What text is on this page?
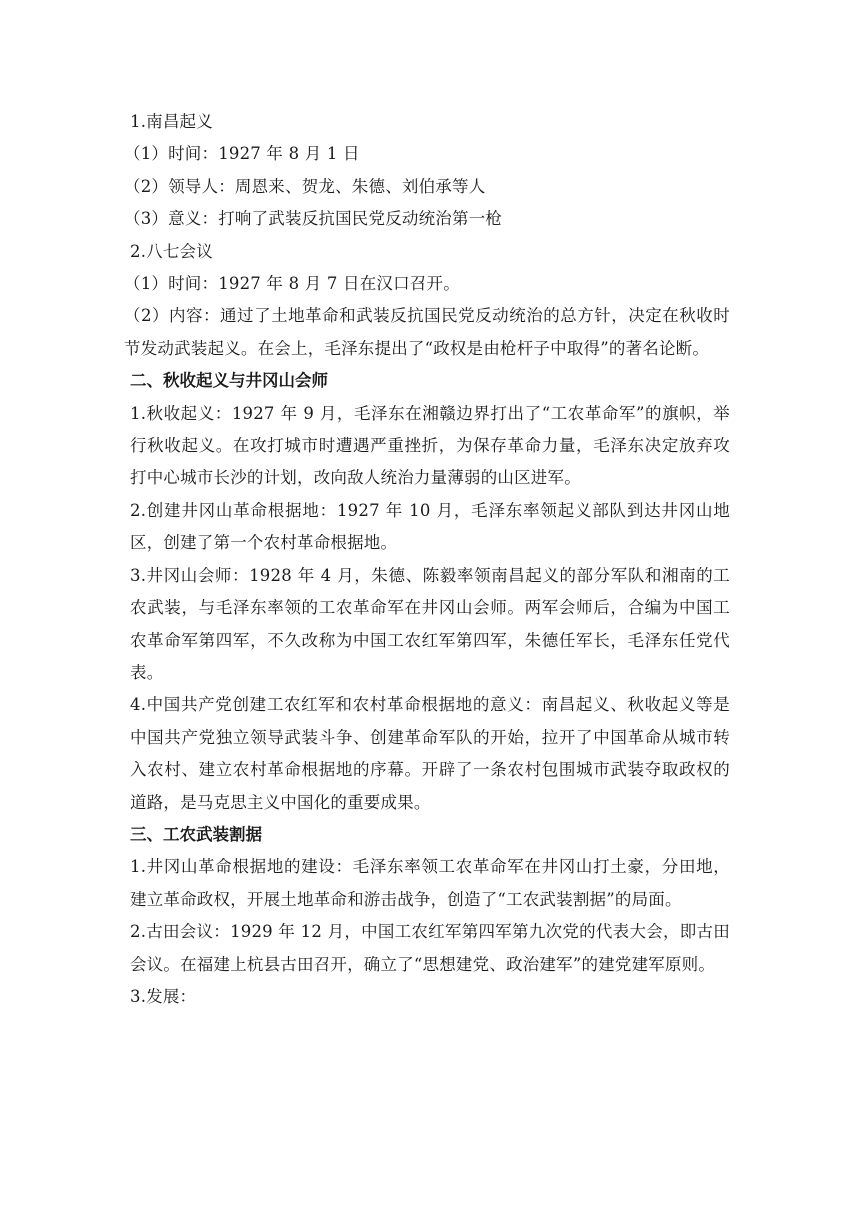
1.南昌起义
（1）时间：1927 年 8 月 1 日
（2）领导人：周恩来、贺龙、朱德、刘伯承等人
（3）意义：打响了武装反抗国民党反动统治第一枪
2.八七会议
（1）时间：1927 年 8 月 7 日在汉口召开。
（2）内容：通过了土地革命和武装反抗国民党反动统治的总方针，决定在秋收时节发动武装起义。在会上，毛泽东提出了“政权是由枪杆子中取得”的著名论断。
二、秋收起义与井冈山会师
1.秋收起义：1927 年 9 月，毛泽东在湘赣边界打出了“工农革命军”的旗帜，举行秋收起义。在攻打城市时遭遇严重挫折，为保存革命力量，毛泽东决定放弃攻打中心城市长沙的计划，改向敌人统治力量薄弱的山区进军。
2.创建井冈山革命根据地：1927 年 10 月，毛泽东率领起义部队到达井冈山地区，创建了第一个农村革命根据地。
3.井冈山会师：1928 年 4 月，朱德、陈毅率领南昌起义的部分军队和湘南的工农武装，与毛泽东率领的工农革命军在井冈山会师。两军会师后，合编为中国工农革命军第四军，不久改称为中国工农红军第四军，朱德任军长，毛泽东任党代表。
4.中国共产党创建工农红军和农村革命根据地的意义：南昌起义、秋收起义等是中国共产党独立领导武装斗争、创建革命军队的开始，拉开了中国革命从城市转入农村、建立农村革命根据地的序幕。开辟了一条农村包围城市武装夺取政权的道路，是马克思主义中国化的重要成果。
三、工农武装割据
1.井冈山革命根据地的建设：毛泽东率领工农革命军在井冈山打土豪，分田地，建立革命政权，开展土地革命和游击战争，创造了“工农武装割据”的局面。
2.古田会议：1929 年 12 月，中国工农红军第四军第九次党的代表大会，即古田会议。在福建上杭县古田召开，确立了“思想建党、政治建军”的建党建军原则。
3.发展：
